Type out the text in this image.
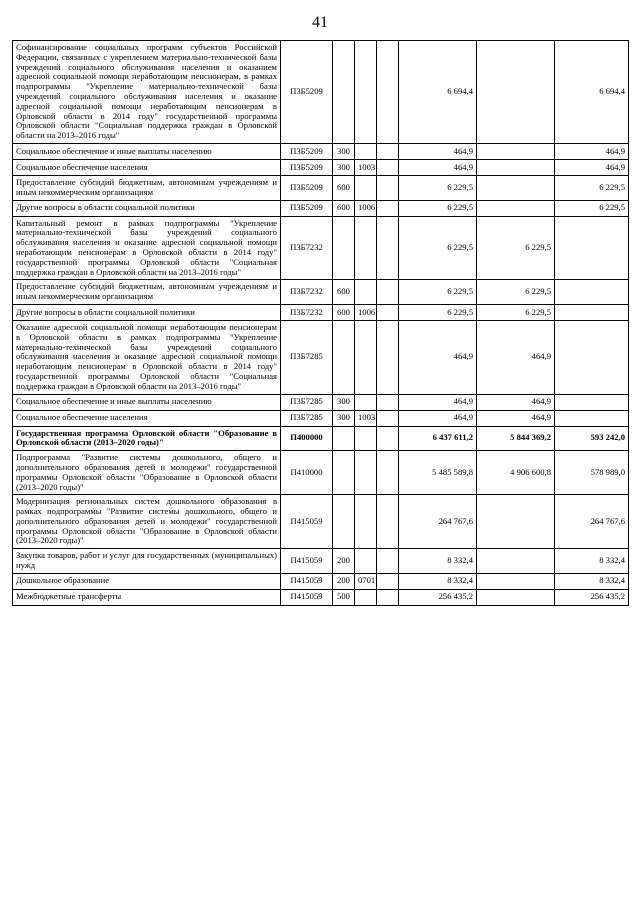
41
Софинансирование социальных программ субъектов Российской Федерации, связанных с укреплением материально-технической базы учреждений социального обслуживания населения и оказанием адресной социальной помощи неработающим пенсионерам, в рамках подпрограммы "Укрепление материально-технической базы учреждений социального обслуживания населения и оказание адресной социальной помощи неработающим пенсионерам в Орловской области в 2014 году" государственной программы Орловской области "Социальная поддержка граждан в Орловской области на 2013–2016 годы"	П3Б5209				6 694,4		6 694,4
Социальное обеспечение и иные выплаты населению	П3Б5209	300			464,9		464,9
Социальное обеспечение населения	П3Б5209	300	1003		464,9		464,9
Предоставление субсидий бюджетным, автономным учреждениям и иным некоммерческим организациям	П3Б5209	600			6 229,5		6 229,5
Другие вопросы в области социальной политики	П3Б5209	600	1006		6 229,5		6 229,5
Капитальный ремонт в рамках подпрограммы "Укрепление материально-технической базы учреждений социального обслуживания населения и оказание адресной социальной помощи неработающим пенсионерам в Орловской области в 2014 году" государственной программы Орловской области "Социальная поддержка граждан в Орловской области на 2013–2016 годы"	П3Б7232				6 229,5	6 229,5	
Предоставление субсидий бюджетным, автономным учреждениям и иным некоммерческим организациям	П3Б7232	600			6 229,5	6 229,5	
Другие вопросы в области социальной политики	П3Б7232	600	1006		6 229,5	6 229,5	
Оказание адресной социальной помощи неработающим пенсионерам в Орловской области в рамках подпрограммы "Укрепление материально-технической базы учреждений социального обслуживания населения и оказание адресной социальной помощи неработающим пенсионерам в Орловской области в 2014 году" государственной программы Орловской области "Социальная поддержка граждан в Орловской области на 2013–2016 годы"	П3Б7285				464,9	464,9	
Социальное обеспечение и иные выплаты населению	П3Б7285	300			464,9	464,9	
Социальное обеспечение населения	П3Б7285	300	1003		464,9	464,9	
Государственная программа Орловской области "Образование в Орловской области (2013–2020 годы)"	П400000				6 437 611,2	5 844 369,2	593 242,0
Подпрограмма "Развитие системы дошкольного, общего и дополнительного образования детей и молодежи" государственной программы Орловской области "Образование в Орловской области (2013–2020 годы)"	П410000				5 485 589,8	4 906 600,8	578 989,0
Модернизация региональных систем дошкольного образования в рамках подпрограммы "Развитие системы дошкольного, общего и дополнительного образования детей и молодежи" государственной программы Орловской области "Образование в Орловской области (2013–2020 годы)"	П415059				264 767,6		264 767,6
Закупка товаров, работ и услуг для государственных (муниципальных) нужд	П415059	200			8 332,4		8 332,4
Дошкольное образование	П415059	200	0701		8 332,4		8 332,4
Межбюджетные трансферты	П415059	500			256 435,2		256 435,2
